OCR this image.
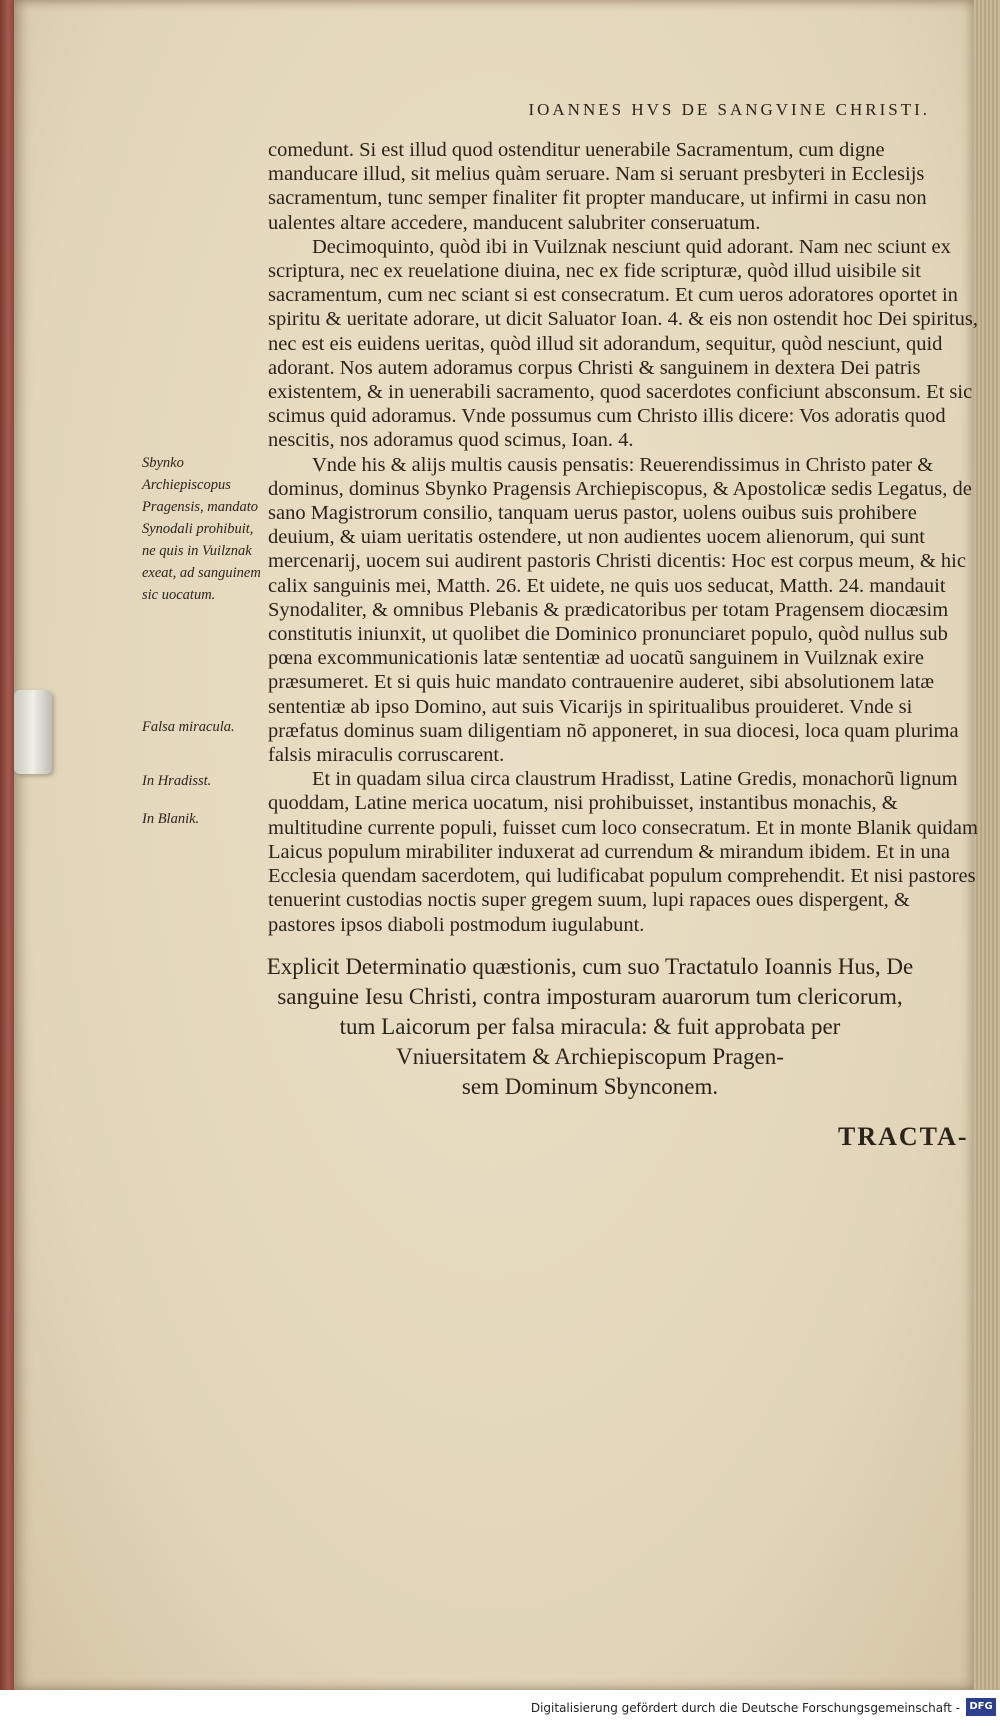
IOANNES HVS DE SANGVINE CHRISTI.

comedunt. Si est illud quod ostenditur uenerabile Sacramentum, cum digne manducare illud, sit melius quàm seruare. Nam si seruant presbyteri in Ecclesijs sacramentum, tunc semper finaliter fit propter manducare, ut infirmi in casu non ualentes altare accedere, manducent salubriter conseruatum.

Decimoquinto, quòd ibi in Vuilznak nesciunt quid adorant. Nam nec sciunt ex scriptura, nec ex reuelatione diuina, nec ex fide scripturæ, quòd illud uisibile sit sacramentum, cum nec sciant si est consecratum. Et cum ueros adoratores oportet in spiritu & ueritate adorare, ut dicit Saluator Ioan. 4. & eis non ostendit hoc Dei spiritus, nec est eis euidens ueritas, quòd illud sit adorandum, sequitur, quòd nesciunt, quid adorant. Nos autem adoramus corpus Christi & sanguinem in dextera Dei patris existentem, & in uenerabili sacramento, quod sacerdotes conficiunt absconsum. Et sic scimus quid adoramus. Vnde possumus cum Christo illis dicere: Vos adoratis quod nescitis, nos adoramus quod scimus, Ioan. 4.

Vnde his & alijs multis causis pensatis: Reuerendissimus in Christo pater & dominus, dominus Sbynko Pragensis Archiepiscopus, & Apostolicæ sedis Legatus, de sano Magistrorum consilio, tanquam uerus pastor, uolens ouibus suis prohibere deuium, & uiam ueritatis ostendere, ut non audientes uocem alienorum, qui sunt mercenarij, uocem sui audirent pastoris Christi dicentis: Hoc est corpus meum, & hic calix sanguinis mei, Matth. 26. Et uidete, ne quis uos seducat, Matth. 24. mandauit Synodaliter, & omnibus Plebanis & prædicatoribus per totam Pragensem diocæsim constitutis iniunxit, ut quolibet die Dominico pronunciaret populo, quòd nullus sub pœna excommunicationis latæ sententiæ ad uocatũ sanguinem in Vuilznak exire præsumeret. Et si quis huic mandato contrauenire auderet, sibi absolutionem latæ sententiæ ab ipso Domino, aut suis Vicarijs in spiritualibus prouideret. Vnde si præfatus dominus suam diligentiam nõ apponeret, in sua diocesi, loca quam plurima falsis miraculis corruscarent.

Et in quadam silua circa claustrum Hradisst, Latine Gredis, monachorũ lignum quoddam, Latine merica uocatum, nisi prohibuisset, instantibus monachis, & multitudine currente populi, fuisset cum loco consecratum. Et in monte Blanik quidam Laicus populum mirabiliter induxerat ad currendum & mirandum ibidem. Et in una Ecclesia quendam sacerdotem, qui ludificabat populum comprehendit. Et nisi pastores tenuerint custodias noctis super gregem suum, lupi rapaces oues dispergent, & pastores ipsos diaboli postmodum iugulabunt.

Sbynko Archiepiscopus Pragensis, mandato Synodali prohibuit, ne quis in Vuilznak exeat, ad sanguinem sic uocatum.
Falsa miracula.
In Hradisst.
In Blanik.
Explicit Determinatio quæstionis, cum suo Tractatulo Ioannis Hus, De
sanguine Iesu Christi, contra imposturam auarorum tum clericorum,
tum Laicorum per falsa miracula: & fuit approbata per
Vniuersitatem & Archiepiscopum Pragen-
sem Dominum Sbynconem.
TRACTA-
Digitalisierung gefördert durch die Deutsche Forschungsgemeinschaft - DFG
